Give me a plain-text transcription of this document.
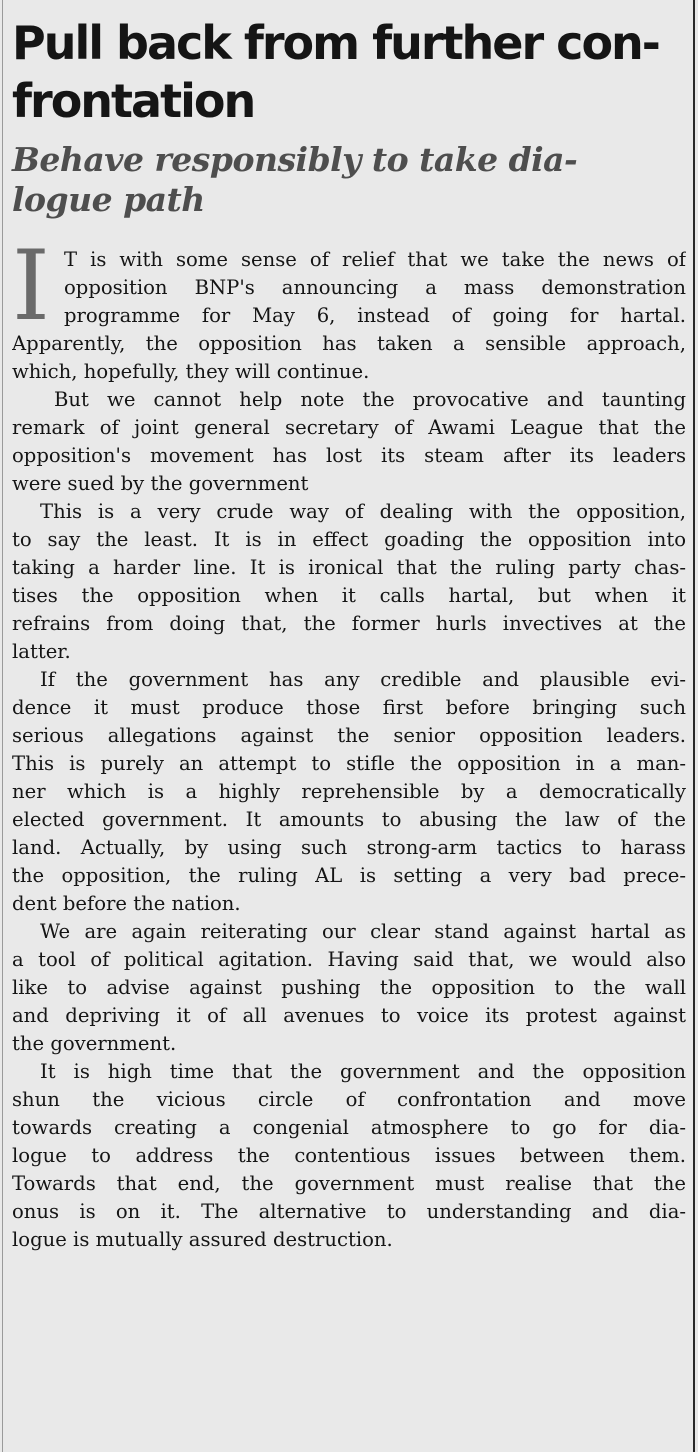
Pull back from further con-
frontation
Behave responsibly to take dia-
logue path
I T is with some sense of relief that we take the news of
opposition BNP's announcing a mass demonstration
programme for May 6, instead of going for hartal.
Apparently, the opposition has taken a sensible approach,
which, hopefully, they will continue.
But we cannot help note the provocative and taunting
remark of joint general secretary of Awami League that the
opposition's movement has lost its steam after its leaders
were sued by the government
This is a very crude way of dealing with the opposition,
to say the least. It is in effect goading the opposition into
taking a harder line. It is ironical that the ruling party chas-
tises the opposition when it calls hartal, but when it
refrains from doing that, the former hurls invectives at the
latter.
If the government has any credible and plausible evi-
dence it must produce those first before bringing such
serious allegations against the senior opposition leaders.
This is purely an attempt to stifle the opposition in a man-
ner which is a highly reprehensible by a democratically
elected government. It amounts to abusing the law of the
land. Actually, by using such strong-arm tactics to harass
the opposition, the ruling AL is setting a very bad prece-
dent before the nation.
We are again reiterating our clear stand against hartal as
a tool of political agitation. Having said that, we would also
like to advise against pushing the opposition to the wall
and depriving it of all avenues to voice its protest against
the government.
It is high time that the government and the opposition
shun the vicious circle of confrontation and move
towards creating a congenial atmosphere to go for dia-
logue to address the contentious issues between them.
Towards that end, the government must realise that the
onus is on it. The alternative to understanding and dia-
logue is mutually assured destruction.
